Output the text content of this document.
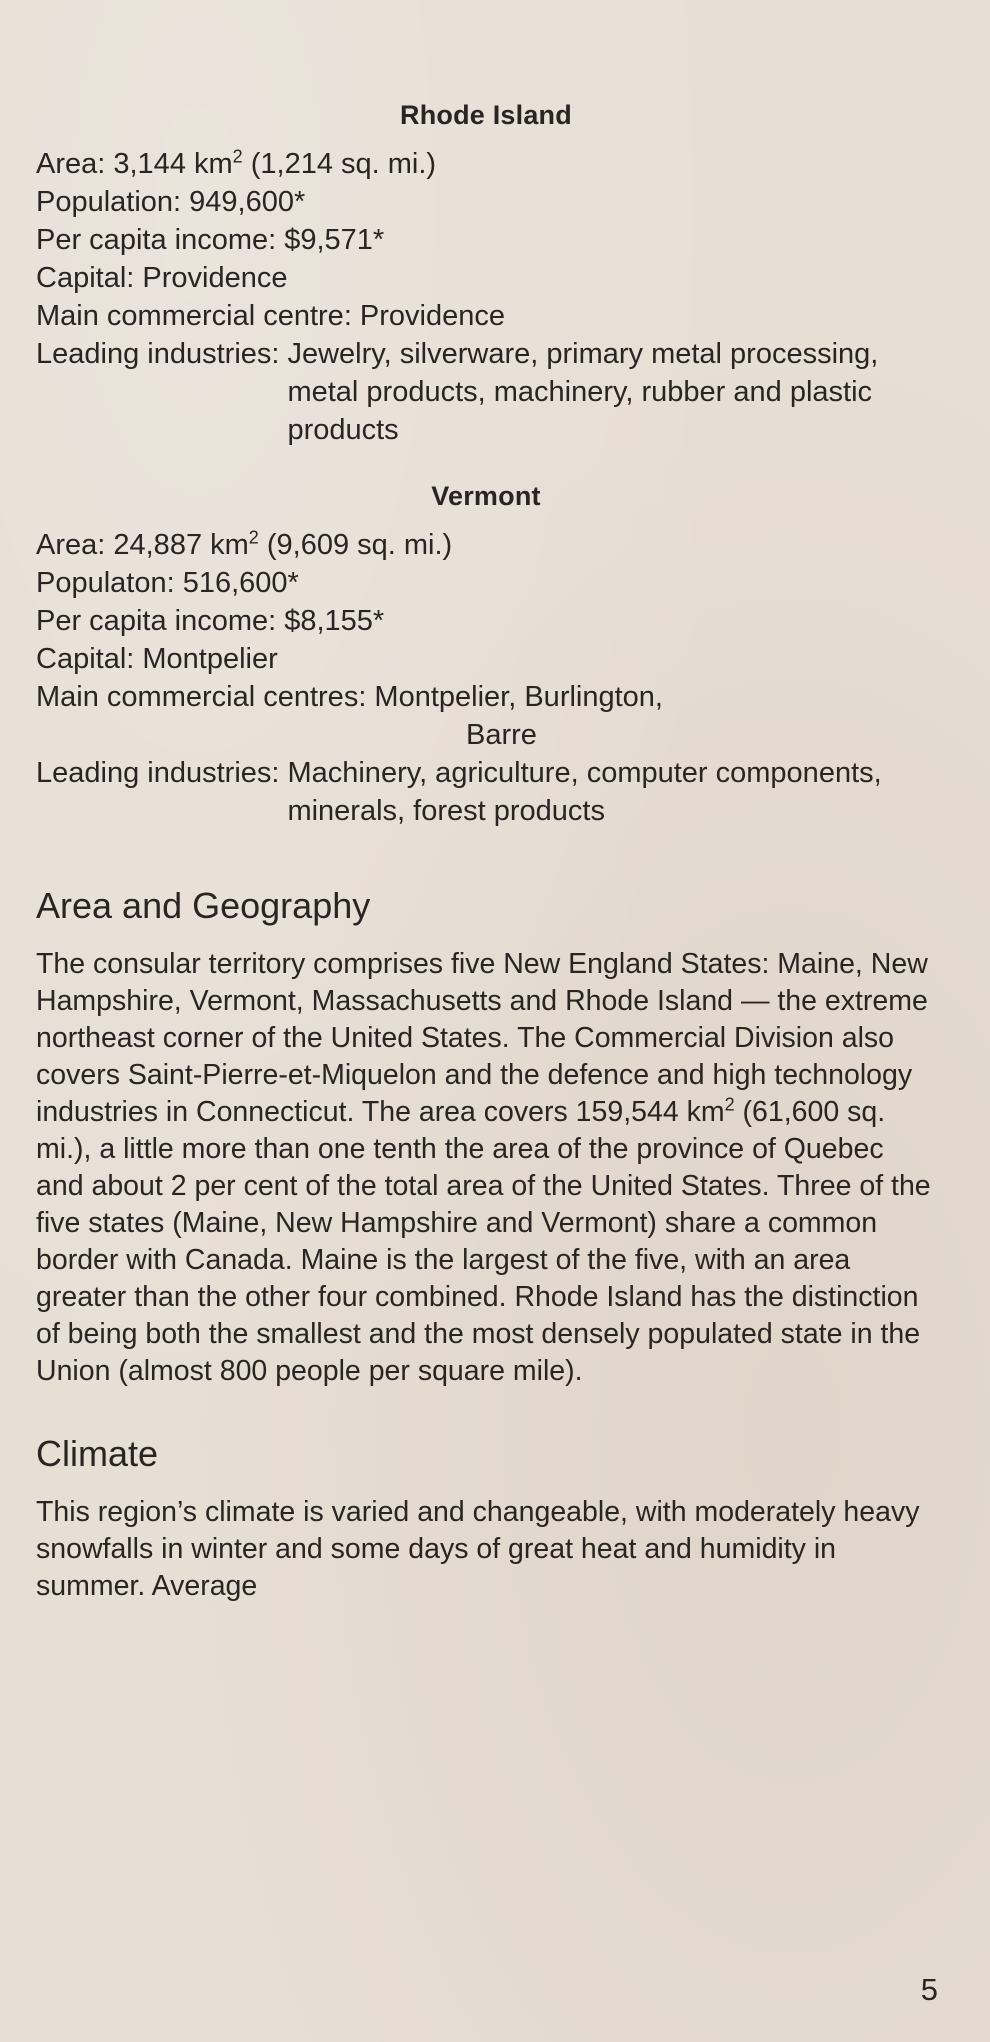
Rhode Island
Area: 3,144 $km^2$ (1,214 sq. mi.)
Population: 949,600*
Per capita income: $9,571*
Capital: Providence
Main commercial centre: Providence
Leading industries: Jewelry, silverware, primary metal processing, metal products, machinery, rubber and plastic products
Vermont
Area: 24,887 $km^2$ (9,609 sq. mi.)
Populaton: 516,600*
Per capita income: $8,155*
Capital: Montpelier
Main commercial centres: Montpelier, Burlington,
Barre
Leading industries: Machinery, agriculture, computer components, minerals, forest products
Area and Geography

The consular territory comprises five New England States: Maine, New Hampshire, Vermont, Massachusetts and Rhode Island — the extreme northeast corner of the United States. The Commercial Division also covers Saint-Pierre-et-Miquelon and the defence and high technology industries in Connecticut. The area covers 159,544 $km^2$ (61,600 sq. mi.), a little more than one tenth the area of the province of Quebec and about 2 per cent of the total area of the United States. Three of the five states (Maine, New Hampshire and Vermont) share a common border with Canada. Maine is the largest of the five, with an area greater than the other four combined. Rhode Island has the distinction of being both the smallest and the most densely populated state in the Union (almost 800 people per square mile).

Climate

This region’s climate is varied and changeable, with moderately heavy snowfalls in winter and some days of great heat and humidity in summer. Average

5
